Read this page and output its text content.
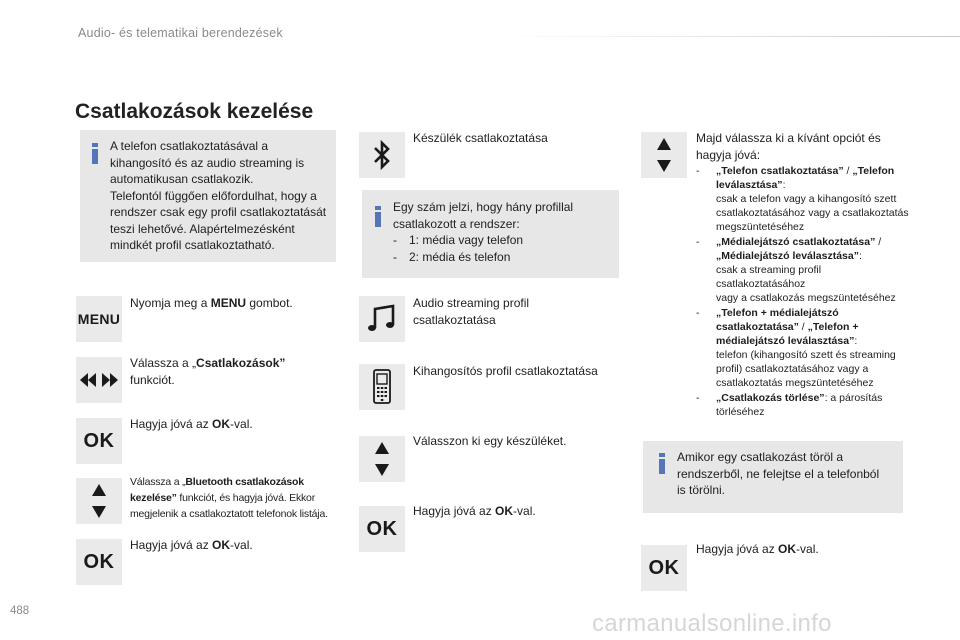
Audio- és telematikai berendezések
Csatlakozások kezelése
A telefon csatlakoztatásával a
kihangosító és az audio streaming is
automatikusan csatlakozik.
Telefontól függően előfordulhat, hogy a
rendszer csak egy profil csatlakoztatását
teszi lehetővé. Alapértelmezésként
mindkét profil csatlakoztatható.
MENU
Nyomja meg a MENU gombot.
Válassza a „Csatlakozások”
funkciót.
OK
Hagyja jóvá az OK-val.
Válassza a „Bluetooth csatlakozások
kezelése” funkciót, és hagyja jóvá. Ekkor
megjelenik a csatlakoztatott telefonok listája.
OK
Hagyja jóvá az OK-val.
Készülék csatlakoztatása
Egy szám jelzi, hogy hány profillal
csatlakozott a rendszer:
-	1: média vagy telefon
-	2: média és telefon
Audio streaming profil
csatlakoztatása
Kihangosítós profil csatlakoztatása
Válasszon ki egy készüléket.
OK
Hagyja jóvá az OK-val.
Majd válassza ki a kívánt opciót és
hagyja jóvá:
-	„Telefon csatlakoztatása” / „Telefon
leválasztása”:
csak a telefon vagy a kihangosító szett
csatlakoztatásához vagy a csatlakoztatás
megszüntetéséhez
-	„Médialejátszó csatlakoztatása” /
„Médialejátszó leválasztása”:
csak a streaming profil csatlakoztatásához
vagy a csatlakozás megszüntetéséhez
-	„Telefon + médialejátszó
csatlakoztatása” / „Telefon +
médialejátszó leválasztása”:
telefon (kihangosító szett és streaming
profil) csatlakoztatásához vagy a
csatlakoztatás megszüntetéséhez
-	„Csatlakozás törlése”: a párosítás
törléséhez
Amikor egy csatlakozást töröl a
rendszerből, ne felejtse el a telefonból
is törölni.
OK
Hagyja jóvá az OK-val.
488	carmanualsonline.info
